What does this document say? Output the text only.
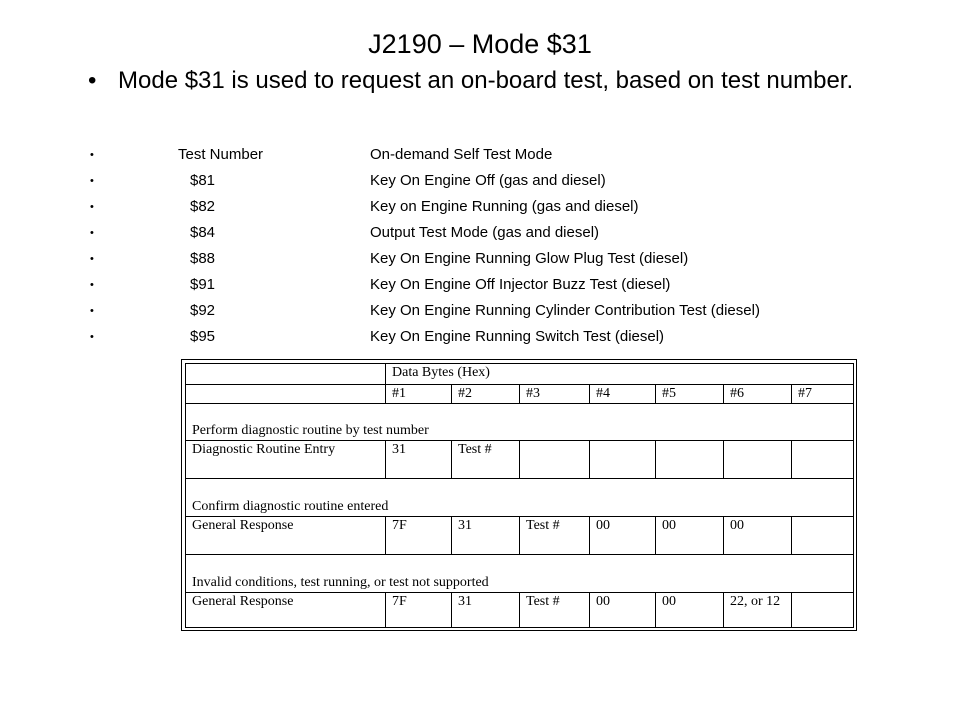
J2190 – Mode $31
• Mode $31 is used to request an on-board test, based on test number.
•	Test Number	On-demand Self Test Mode
•	$81	Key On Engine Off (gas and diesel)
•	$82	Key on Engine Running (gas and diesel)
•	$84	Output Test Mode (gas and diesel)
•	$88	Key On Engine Running Glow Plug Test (diesel)
•	$91	Key On Engine Off Injector Buzz Test (diesel)
•	$92	Key On Engine Running Cylinder Contribution Test (diesel)
•	$95	Key On Engine Running Switch Test (diesel)
	Data Bytes (Hex)						
	#1	#2	#3	#4	#5	#6	#7
Perform diagnostic routine by test number							
Diagnostic Routine Entry	31	Test #					
Confirm diagnostic routine entered							
General Response	7F	31	Test #	00	00	00	
Invalid conditions, test running, or test not supported							
General Response	7F	31	Test #	00	00	22, or 12	
